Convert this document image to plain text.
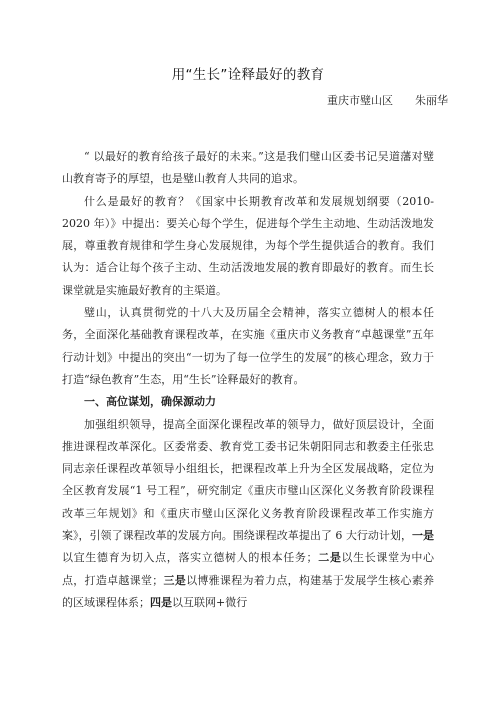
用“生长”诠释最好的教育
重庆市璧山区　　朱丽华

“ 以最好的教育给孩子最好的未来。”这是我们璧山区委书记吴道藩对璧山教育寄予的厚望，也是璧山教育人共同的追求。

什么是最好的教育？《国家中长期教育改革和发展规划纲要（2010-2020 年）》中提出：要关心每个学生，促进每个学生主动地、生动活泼地发展，尊重教育规律和学生身心发展规律，为每个学生提供适合的教育。我们认为：适合让每个孩子主动、生动活泼地发展的教育即最好的教育。而生长课堂就是实施最好教育的主渠道。

璧山，认真贯彻党的十八大及历届全会精神，落实立德树人的根本任务，全面深化基础教育课程改革，在实施《重庆市义务教育“卓越课堂”五年行动计划》中提出的突出“一切为了每一位学生的发展”的核心理念，致力于打造“绿色教育”生态，用“生长”诠释最好的教育。

一、高位谋划，确保源动力

加强组织领导，提高全面深化课程改革的领导力，做好顶层设计，全面推进课程改革深化。区委常委、教育党工委书记朱朝阳同志和教委主任张忠同志亲任课程改革领导小组组长，把课程改革上升为全区发展战略，定位为全区教育发展“1 号工程”，研究制定《重庆市璧山区深化义务教育阶段课程改革三年规划》和《重庆市璧山区深化义务教育阶段课程改革工作实施方案》，引领了课程改革的发展方向。围绕课程改革提出了 6 大行动计划，一是以宜生德育为切入点，落实立德树人的根本任务；二是以生长课堂为中心点，打造卓越课堂；三是以博雅课程为着力点，构建基于发展学生核心素养的区域课程体系；四是以互联网+微行
